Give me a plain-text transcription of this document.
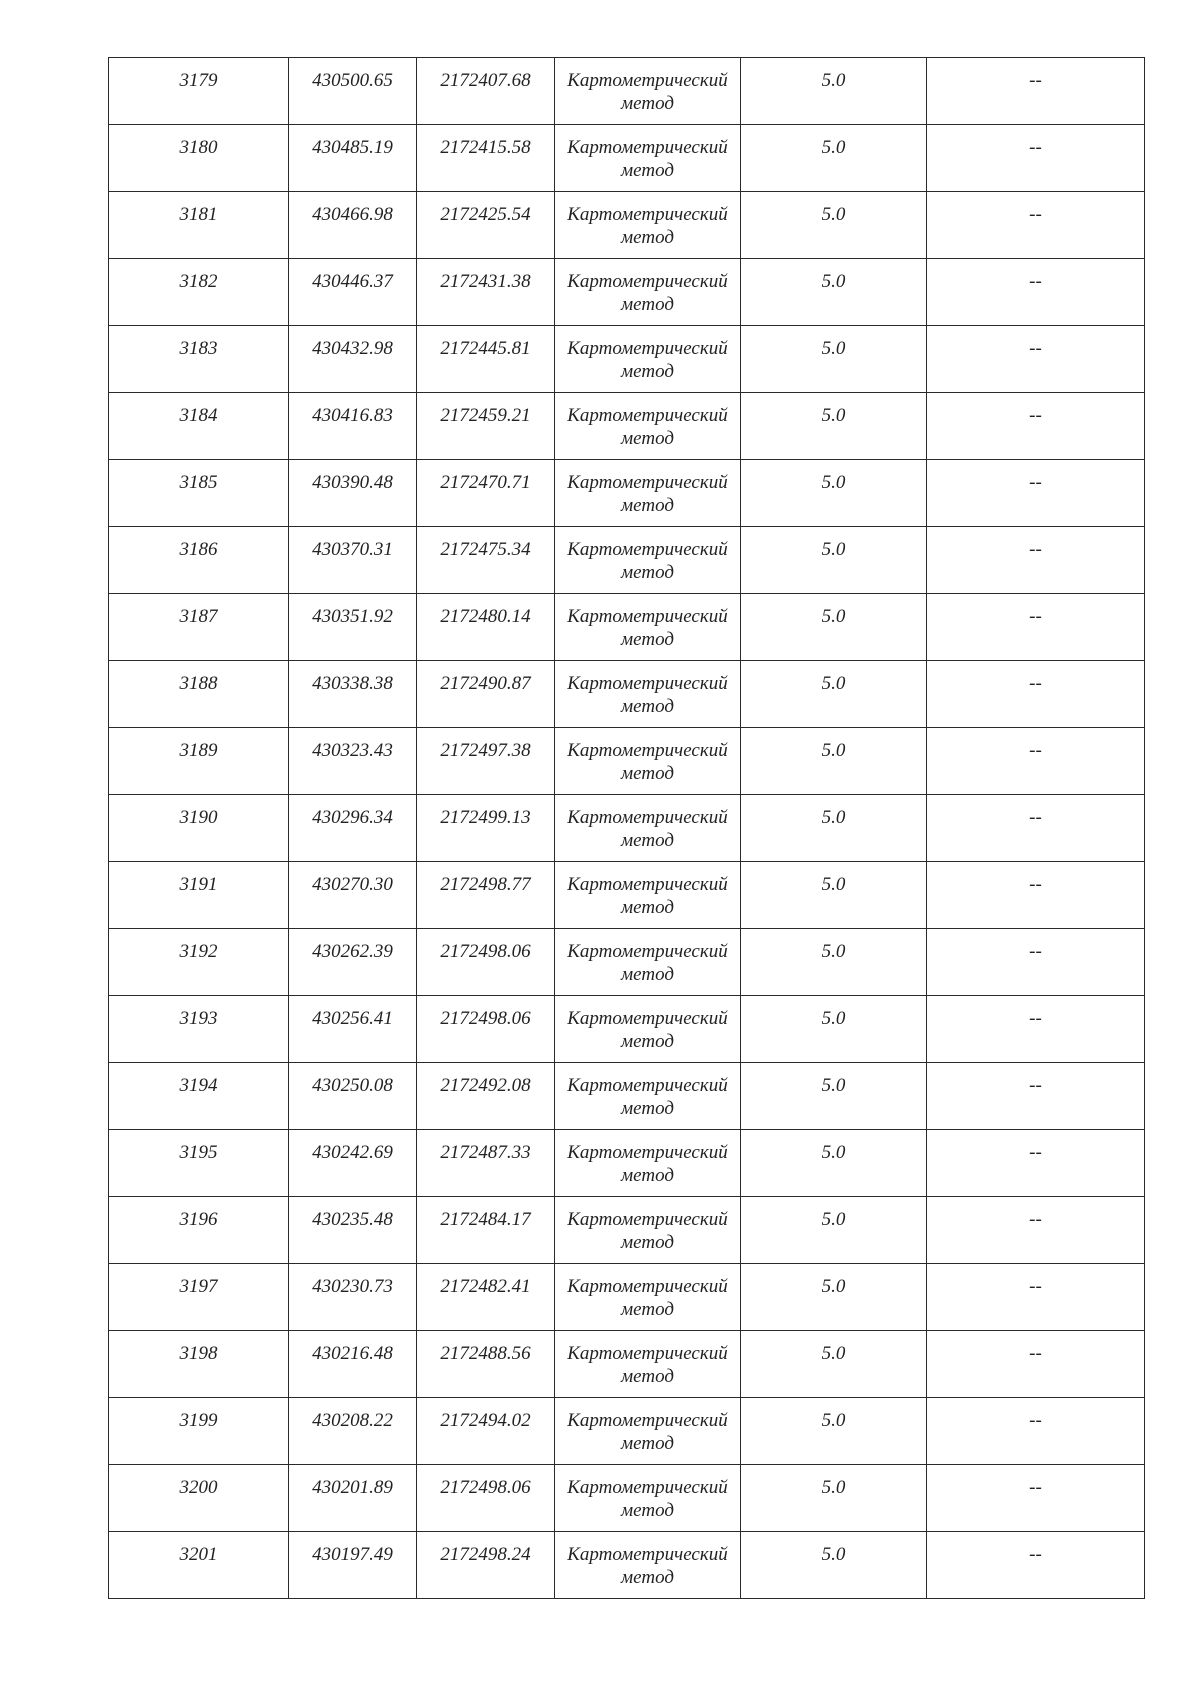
3179	430500.65	2172407.68	Картометрический метод	5.0	--

3180	430485.19	2172415.58	Картометрический метод	5.0	--

3181	430466.98	2172425.54	Картометрический метод	5.0	--

3182	430446.37	2172431.38	Картометрический метод	5.0	--

3183	430432.98	2172445.81	Картометрический метод	5.0	--

3184	430416.83	2172459.21	Картометрический метод	5.0	--

3185	430390.48	2172470.71	Картометрический метод	5.0	--

3186	430370.31	2172475.34	Картометрический метод	5.0	--

3187	430351.92	2172480.14	Картометрический метод	5.0	--

3188	430338.38	2172490.87	Картометрический метод	5.0	--

3189	430323.43	2172497.38	Картометрический метод	5.0	--

3190	430296.34	2172499.13	Картометрический метод	5.0	--

3191	430270.30	2172498.77	Картометрический метод	5.0	--

3192	430262.39	2172498.06	Картометрический метод	5.0	--

3193	430256.41	2172498.06	Картометрический метод	5.0	--

3194	430250.08	2172492.08	Картометрический метод	5.0	--

3195	430242.69	2172487.33	Картометрический метод	5.0	--

3196	430235.48	2172484.17	Картометрический метод	5.0	--

3197	430230.73	2172482.41	Картометрический метод	5.0	--

3198	430216.48	2172488.56	Картометрический метод	5.0	--

3199	430208.22	2172494.02	Картометрический метод	5.0	--

3200	430201.89	2172498.06	Картометрический метод	5.0	--

3201	430197.49	2172498.24	Картометрический метод	5.0	--
